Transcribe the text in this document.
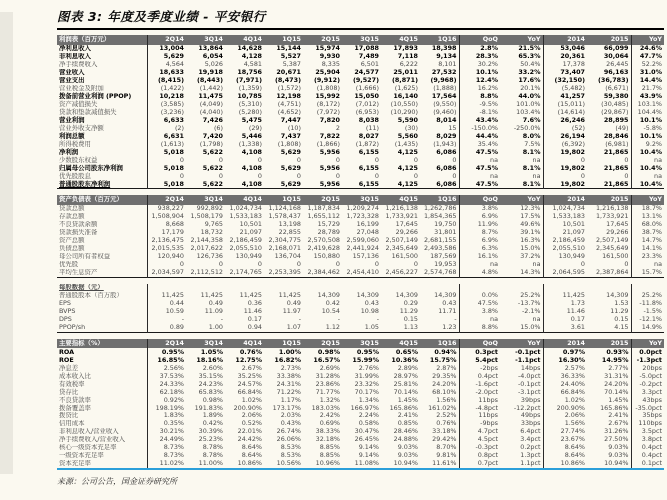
图表 3: 年度及季度业绩 - 平安银行
利润表（百万元）	2Q14	3Q14	4Q14	1Q15	2Q15	3Q15	4Q15	1Q16	QoQ	YoY	2014	2015	YoY
净利息收入	13,004	13,864	14,628	15,144	15,974	17,088	17,893	18,398	2.8%	21.5%	53,046	66,099	24.6%
非利息收入	5,629	6,054	4,128	5,527	9,930	7,489	7,118	9,134	28.3%	65.3%	20,361	30,064	47.7%
净手续费收入	4,564	5,026	4,581	5,387	8,335	6,501	6,222	8,101	30.2%	50.4%	17,378	26,445	52.2%
营业收入	18,633	19,918	18,756	20,671	25,904	24,577	25,011	27,532	10.1%	33.2%	73,407	96,163	31.0%
营业支出	(8,415)	(8,443)	(7,971)	(8,473)	(9,912)	(9,527)	(8,871)	(9,968)	12.4%	17.6%	(32,150)	(36,783)	14.4%
营业税金及附加	(1,422)	(1,442)	(1,359)	(1,572)	(1,808)	(1,666)	(1,625)	(1,888)	16.2%	20.1%	(5,482)	(6,671)	21.7%
拨备前营业利润 (PPOP)	10,218	11,475	10,785	12,198	15,992	15,050	16,140	17,564	8.8%	44.0%	41,257	59,380	43.9%
资产减值损失	(3,585)	(4,049)	(5,310)	(4,751)	(8,172)	(7,012)	(10,550)	(9,550)	-9.5%	101.0%	(15,011)	(30,485)	103.1%
贷款和垫款减值损失	(3,236)	(4,040)	(5,280)	(4,652)	(7,972)	(6,953)	(10,290)	(9,460)	-8.1%	103.4%	(14,614)	(29,867)	104.4%
营业利润	6,633	7,426	5,475	7,447	7,820	8,038	5,590	8,014	43.4%	7.6%	26,246	28,895	10.1%
营业外收支净额	(2)	(6)	(29)	(10)	2	(11)	(30)	15	-150.0%	-250.0%	(52)	(49)	-5.8%
利润总额	6,631	7,420	5,446	7,437	7,822	8,027	5,560	8,029	44.4%	8.0%	26,194	28,846	10.1%
所得税费用	(1,613)	(1,798)	(1,338)	(1,808)	(1,866)	(1,872)	(1,435)	(1,943)	35.4%	7.5%	(6,392)	(6,981)	9.2%
净利润	5,018	5,622	4,108	5,629	5,956	6,155	4,125	6,086	47.5%	8.1%	19,802	21,865	10.4%
少数股东权益	0	0	0	0	0	0	0	0	na	na	0	0	na
归属母公司股东净利润	5,018	5,622	4,108	5,629	5,956	6,155	4,125	6,086	47.5%	8.1%	19,802	21,865	10.4%
优先股股息	0	0	0	0	0	0	0	0	na	na	0	0	na
普通股股东净利润	5,018	5,622	4,108	5,629	5,956	6,155	4,125	6,086	47.5%	8.1%	19,802	21,865	10.4%
资产负债表（百万元）	2Q14	3Q14	4Q14	1Q15	2Q15	3Q15	4Q15	1Q16	QoQ	YoY	2014	2015	YoY
贷款总额	938,227	992,892	1,024,734	1,124,168	1,187,834	1,209,274	1,216,138	1,262,786	3.8%	12.3%	1,024,734	1,216,138	18.7%
存款总额	1,508,904	1,508,179	1,533,183	1,578,437	1,655,112	1,723,328	1,733,921	1,854,365	6.9%	17.5%	1,533,183	1,733,921	13.1%
不良贷款余额	8,668	9,765	10,501	13,198	15,729	16,199	17,645	19,750	11.9%	49.6%	10,501	17,645	68.0%
贷款损失准备	17,179	18,732	21,097	22,855	28,789	27,048	29,266	31,801	8.7%	39.1%	21,097	29,266	38.7%
资产总额	2,136,475	2,144,358	2,186,459	2,304,775	2,570,508	2,599,060	2,507,149	2,681,155	6.9%	16.3%	2,186,459	2,507,149	14.7%
负债总额	2,015,535	2,017,622	2,055,510	2,168,071	2,419,628	2,441,924	2,345,649	2,493,586	6.3%	15.0%	2,055,510	2,345,649	14.1%
母公司所有者权益	120,940	126,736	130,949	136,704	150,880	157,136	161,500	187,569	16.1%	37.2%	130,949	161,500	23.3%
优先股	0	0	0	0	0	0	0	19,953	na	na	0	0	na
平均生息资产	2,034,597	2,112,512	2,174,765	2,253,395	2,384,462	2,454,410	2,456,227	2,574,768	4.8%	14.3%	2,064,595	2,387,864	15.7%
每股数据（元）													
普通股股本（百万股）	11,425	11,425	11,425	11,425	14,309	14,309	14,309	14,309	0.0%	25.2%	11,425	14,309	25.2%
EPS	0.44	0.49	0.36	0.49	0.42	0.43	0.29	0.43	47.5%	-13.7%	1.73	1.53	-11.8%
BVPS	10.59	11.09	11.46	11.97	10.54	10.98	11.29	11.71	3.8%	-2.1%	11.46	11.29	-1.5%
DPS	-	-	0.17	-	-	-	0.15	-	na	na	0.17	0.15	-12.1%
PPOP/sh	0.89	1.00	0.94	1.07	1.12	1.05	1.13	1.23	8.8%	15.0%	3.61	4.15	14.9%
主要指标（%）	2Q14	3Q14	4Q14	1Q15	2Q15	3Q15	4Q15	1Q16	QoQ	YoY	2014	2015	YoY
ROA	0.95%	1.05%	0.76%	1.00%	0.98%	0.95%	0.65%	0.94%	0.3pct	-0.1pct	0.97%	0.93%	0.0pct
ROE	16.85%	18.16%	12.75%	16.82%	16.57%	15.99%	10.36%	15.75%	5.4pct	-1.1pct	16.30%	14.95%	-1.3pct
净息差	2.56%	2.60%	2.67%	2.73%	2.69%	2.76%	2.89%	2.87%	-2bps	14bps	2.57%	2.77%	20bps
成本收入比	37.53%	35.15%	35.25%	33.38%	31.28%	31.99%	28.97%	29.35%	0.4pct	-4.0pct	36.33%	31.31%	-5.0pct
有效税率	24.33%	24.23%	24.57%	24.31%	23.86%	23.32%	25.81%	24.20%	-1.6pct	-0.1pct	24.40%	24.20%	-0.2pct
贷存比	62.18%	65.83%	66.84%	71.22%	71.77%	70.17%	70.14%	68.10%	-2.0pct	-3.1pct	66.84%	70.14%	3.3pct
不良贷款率	0.92%	0.98%	1.02%	1.17%	1.32%	1.34%	1.45%	1.56%	11bps	39bps	1.02%	1.45%	43bps
拨备覆盖率	198.19%	191.83%	200.90%	173.17%	183.03%	166.97%	165.86%	161.02%	-4.8pct	-12.2pct	200.90%	165.86%	-35.0pct
拨贷比	1.83%	1.89%	2.06%	2.03%	2.42%	2.24%	2.41%	2.52%	11bps	49bps	2.06%	2.41%	35bps
信用成本	0.35%	0.42%	0.52%	0.43%	0.69%	0.58%	0.85%	0.76%	-9bps	33bps	1.56%	2.67%	110bps
非利息收入/营业收入	30.21%	30.39%	22.01%	26.74%	38.33%	30.47%	28.46%	33.18%	4.7pct	6.4pct	27.74%	31.26%	3.5pct
净手续费收入/营业收入	24.49%	25.23%	24.42%	26.06%	32.18%	26.45%	24.88%	29.42%	4.5pct	3.4pct	23.67%	27.50%	3.8pct
核心一级资本充足率	8.73%	8.78%	8.64%	8.53%	8.85%	9.14%	9.03%	8.70%	-0.3pct	0.2pct	8.64%	9.03%	0.4pct
一级资本充足率	8.73%	8.78%	8.64%	8.53%	8.85%	9.14%	9.03%	9.81%	0.8pct	1.3pct	8.64%	9.03%	0.4pct
资本充足率	11.02%	11.00%	10.86%	10.56%	10.96%	11.08%	10.94%	11.61%	0.7pct	1.1pct	10.86%	10.94%	0.1pct
来源：公司公告，国金证券研究所
